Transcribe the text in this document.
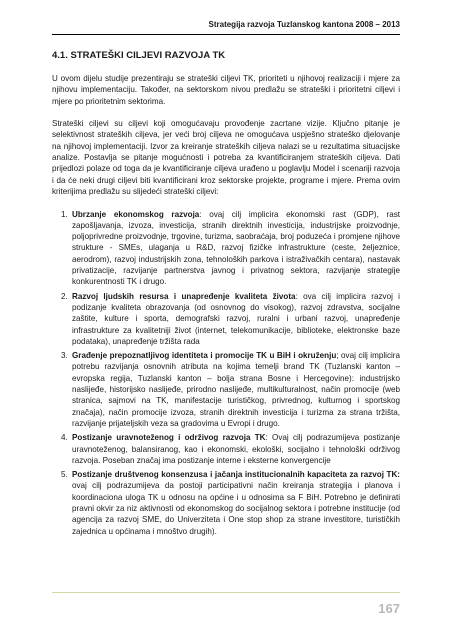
Strategija razvoja Tuzlanskog kantona 2008 – 2013
4.1. STRATEŠKI CILJEVI RAZVOJA TK

U ovom dijelu studije prezentiraju se strateški ciljevi TK, prioriteti u njihovoj realizaciji i mjere za njihovu implementaciju. Također, na sektorskom nivou predlažu se strateški i prioritetni ciljevi i mjere po prioritetnim sektorima.

Strateški ciljevi su ciljevi koji omogućavaju provođenje zacrtane vizije. Ključno pitanje je selektivnost strateških ciljeva, jer veći broj ciljeva ne omogućava uspješno strateško djelovanje na njihovoj implementaciji. Izvor za kreiranje strateških ciljeva nalazi se u rezultatima situacijske analize. Postavlja se pitanje mogućnosti i potreba za kvantificiranjem strateških ciljeva. Dati prijedlozi polaze od toga da je kvantificiranje ciljeva urađeno u poglavlju Model i scenariji razvoja i da će neki drugi ciljevi biti kvantificirani kroz sektorske projekte, programe i mjere. Prema ovim kriterijima predlažu su slijedeći strateški ciljevi:

1. Ubrzanje ekonomskog razvoja: ovaj cilj implicira ekonomski rast (GDP), rast zapošljavanja, izvoza, investicija, stranih direktnih investicija, industrijske proizvodnje, poljoprivredne proizvodnje, trgovine, turizma, saobraćaja, broj poduzeća i promjene njihove strukture - SMEs, ulaganja u R&D, razvoj fizičke infrastrukture (ceste, željeznice, aerodrom), razvoj industrijskih zona, tehnoloških parkova i istraživačkih centara), nastavak privatizacije, razvijanje partnerstva javnog i privatnog sektora, razvijanje strategije konkurentnosti TK i drugo.
2. Razvoj ljudskih resursa i unapređenje kvaliteta života: ova cilj implicira razvoj i podizanje kvaliteta obrazovanja (od osnovnog do visokog), razvoj zdravstva, socijalne zaštite, kulture i sporta, demografski razvoj, ruralni i urbani razvoj, unapređenje infrastrukture za kvalitetniji život (internet, telekomunikacije, biblioteke, elektronske baze podataka), unapređenje tržišta rada
3. Građenje prepoznatljivog identiteta i promocije TK u BiH i okruženju; ovaj cilj implicira potrebu razvijanja osnovnih atributa na kojima temelji brand TK (Tuzlanski kanton – evropska regija, Tuzlanski kanton – bolja strana Bosne i Hercegovine): industrijsko naslijeđe, historijsko naslijeđe, prirodno naslijeđe, multikulturalnost, način promocije (web stranica, sajmovi na TK, manifestacije turističkog, privrednog, kulturnog i sportskog značaja), način promocije izvoza, stranih direktnih investicija i turizma za strana tržišta, razvijanje prijateljskih veza sa gradovima u Evropi i drugo.
4. Postizanje uravnoteženog i održivog razvoja TK: Ovaj cilj podrazumijeva postizanje uravnoteženog, balansiranog, kao i ekonomski, ekološki, socijalno i tehnološki održivog razvoja. Poseban značaj ima postizanje interne i eksterne konvergencije
5. Postizanje društvenog konsenzusa i jačanja institucionalnih kapaciteta za razvoj TK: ovaj cilj podrazumijeva da postoji participativni način kreiranja strategija i planova i koordinaciona uloga TK u odnosu na općine i u odnosima sa F BiH. Potrebno je definirati pravni okvir za niz aktivnosti od ekonomskog do socijalnog sektora i potrebne institucije (od agencija za razvoj SME, do Univerziteta i One stop shop za strane investitore, turističkih zajednica u općinama i mnoštvo drugih).
167
